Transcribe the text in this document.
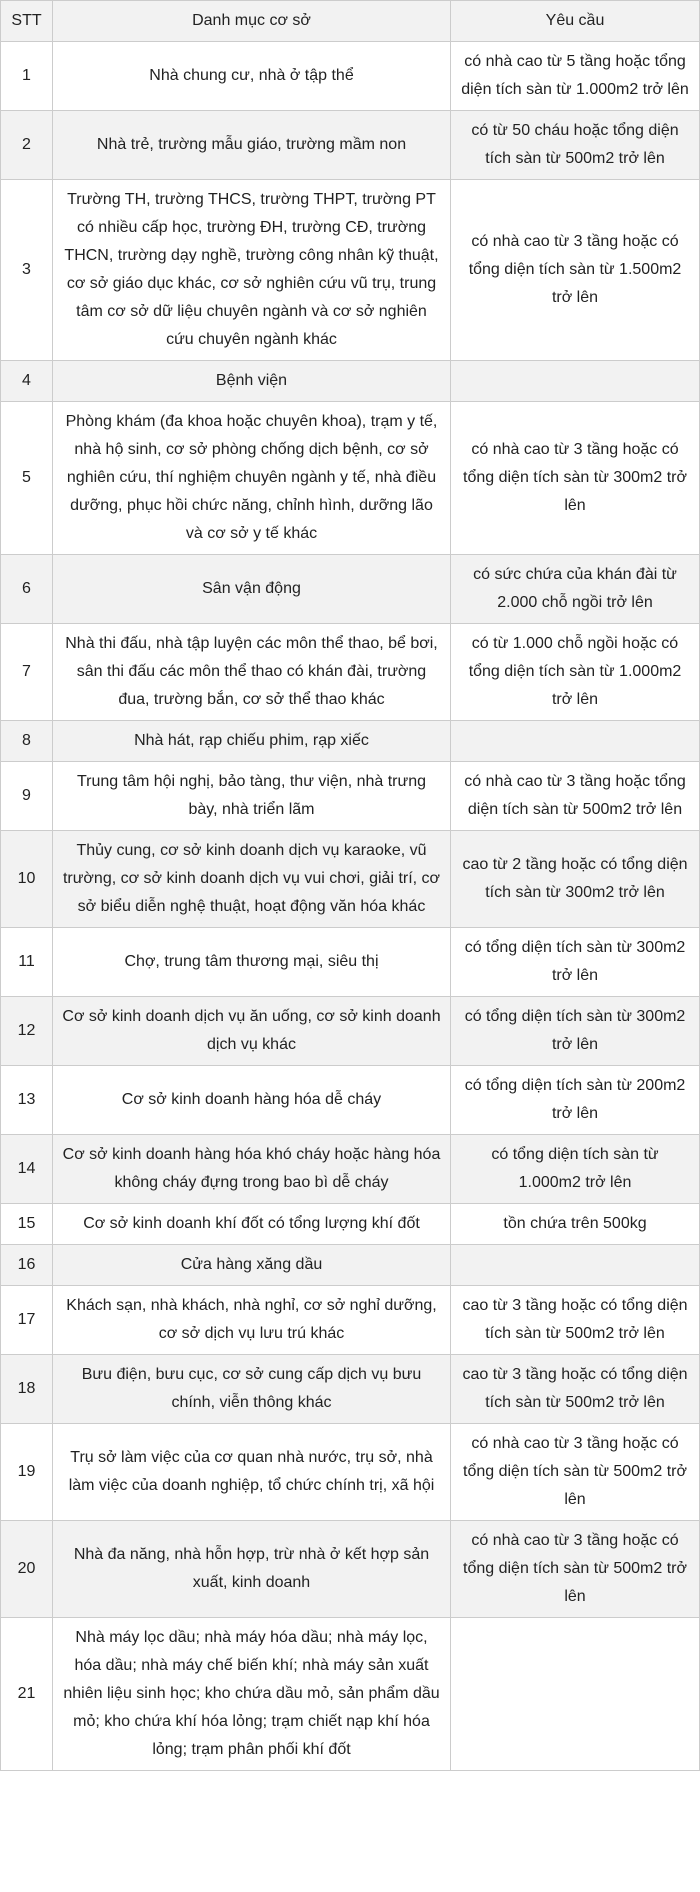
STT	Danh mục cơ sở	Yêu cầu
1	Nhà chung cư, nhà ở tập thể	có nhà cao từ 5 tầng hoặc tổng diện tích sàn từ 1.000m2 trở lên
2	Nhà trẻ, trường mẫu giáo, trường mầm non	có từ 50 cháu hoặc tổng diện tích sàn từ 500m2 trở lên
3	Trường TH, trường THCS, trường THPT, trường PT có nhiều cấp học, trường ĐH, trường CĐ, trường THCN, trường dạy nghề, trường công nhân kỹ thuật, cơ sở giáo dục khác, cơ sở nghiên cứu vũ trụ, trung tâm cơ sở dữ liệu chuyên ngành và cơ sở nghiên cứu chuyên ngành khác	có nhà cao từ 3 tầng hoặc có tổng diện tích sàn từ 1.500m2 trở lên
4	Bệnh viện	
5	Phòng khám (đa khoa hoặc chuyên khoa), trạm y tế, nhà hộ sinh, cơ sở phòng chống dịch bệnh, cơ sở nghiên cứu, thí nghiệm chuyên ngành y tế, nhà điều dưỡng, phục hồi chức năng, chỉnh hình, dưỡng lão và cơ sở y tế khác	có nhà cao từ 3 tầng hoặc có tổng diện tích sàn từ 300m2 trở lên
6	Sân vận động	có sức chứa của khán đài từ 2.000 chỗ ngồi trở lên
7	Nhà thi đấu, nhà tập luyện các môn thể thao, bể bơi, sân thi đấu các môn thể thao có khán đài, trường đua, trường bắn, cơ sở thể thao khác	có từ 1.000 chỗ ngồi hoặc có tổng diện tích sàn từ 1.000m2 trở lên
8	Nhà hát, rạp chiếu phim, rạp xiếc	
9	Trung tâm hội nghị, bảo tàng, thư viện, nhà trưng bày, nhà triển lãm	có nhà cao từ 3 tầng hoặc tổng diện tích sàn từ 500m2 trở lên
10	Thủy cung, cơ sở kinh doanh dịch vụ karaoke, vũ trường, cơ sở kinh doanh dịch vụ vui chơi, giải trí, cơ sở biểu diễn nghệ thuật, hoạt động văn hóa khác	cao từ 2 tầng hoặc có tổng diện tích sàn từ 300m2 trở lên
11	Chợ, trung tâm thương mại, siêu thị	có tổng diện tích sàn từ 300m2 trở lên
12	Cơ sở kinh doanh dịch vụ ăn uống, cơ sở kinh doanh dịch vụ khác	có tổng diện tích sàn từ 300m2 trở lên
13	Cơ sở kinh doanh hàng hóa dễ cháy	có tổng diện tích sàn từ 200m2 trở lên
14	Cơ sở kinh doanh hàng hóa khó cháy hoặc hàng hóa không cháy đựng trong bao bì dễ cháy	có tổng diện tích sàn từ 1.000m2 trở lên
15	Cơ sở kinh doanh khí đốt có tổng lượng khí đốt	tồn chứa trên 500kg
16	Cửa hàng xăng dầu	
17	Khách sạn, nhà khách, nhà nghỉ, cơ sở nghỉ dưỡng, cơ sở dịch vụ lưu trú khác	cao từ 3 tầng hoặc có tổng diện tích sàn từ 500m2 trở lên
18	Bưu điện, bưu cục, cơ sở cung cấp dịch vụ bưu chính, viễn thông khác	cao từ 3 tầng hoặc có tổng diện tích sàn từ 500m2 trở lên
19	Trụ sở làm việc của cơ quan nhà nước, trụ sở, nhà làm việc của doanh nghiệp, tổ chức chính trị, xã hội	có nhà cao từ 3 tầng hoặc có tổng diện tích sàn từ 500m2 trở lên
20	Nhà đa năng, nhà hỗn hợp, trừ nhà ở kết hợp sản xuất, kinh doanh	có nhà cao từ 3 tầng hoặc có tổng diện tích sàn từ 500m2 trở lên
21	Nhà máy lọc dầu; nhà máy hóa dầu; nhà máy lọc, hóa dầu; nhà máy chế biến khí; nhà máy sản xuất nhiên liệu sinh học; kho chứa dầu mỏ, sản phẩm dầu mỏ; kho chứa khí hóa lỏng; trạm chiết nạp khí hóa lỏng; trạm phân phối khí đốt	
